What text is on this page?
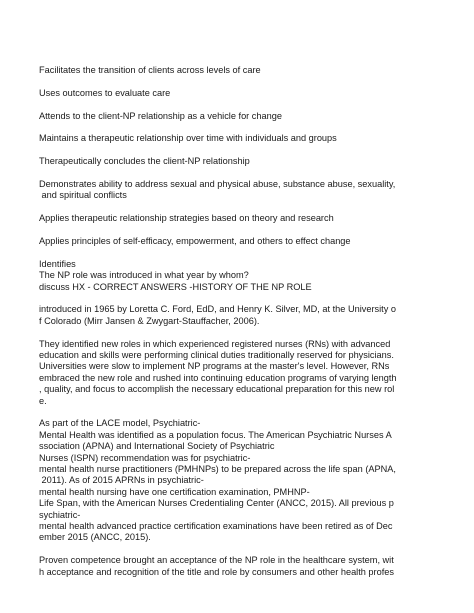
Facilitates the transition of clients across levels of care
Uses outcomes to evaluate care
Attends to the client-NP relationship as a vehicle for change
Maintains a therapeutic relationship over time with individuals and groups
Therapeutically concludes the client-NP relationship
Demonstrates ability to address sexual and physical abuse, substance abuse, sexuality,
and spiritual conflicts
Applies therapeutic relationship strategies based on theory and research
Applies principles of self-efficacy, empowerment, and others to effect change
Identifies
The NP role was introduced in what year by whom?
discuss HX - CORRECT ANSWERS -HISTORY OF THE NP ROLE
introduced in 1965 by Loretta C. Ford, EdD, and Henry K. Silver, MD, at the University o
f Colorado (Mirr Jansen & Zwygart-Stauffacher, 2006).
They identified new roles in which experienced registered nurses (RNs) with advanced
education and skills were performing clinical duties traditionally reserved for physicians.
Universities were slow to implement NP programs at the master's level. However, RNs
embraced the new role and rushed into continuing education programs of varying length
, quality, and focus to accomplish the necessary educational preparation for this new rol
e.
As part of the LACE model, Psychiatric-
Mental Health was identified as a population focus. The American Psychiatric Nurses A
ssociation (APNA) and International Society of Psychiatric
Nurses (ISPN) recommendation was for psychiatric-
mental health nurse practitioners (PMHNPs) to be prepared across the life span (APNA,
2011). As of 2015 APRNs in psychiatric-
mental health nursing have one certification examination, PMHNP-
Life Span, with the American Nurses Credentialing Center (ANCC, 2015). All previous p
sychiatric-
mental health advanced practice certification examinations have been retired as of Dec
ember 2015 (ANCC, 2015).
Proven competence brought an acceptance of the NP role in the healthcare system, wit
h acceptance and recognition of the title and role by consumers and other health profes
